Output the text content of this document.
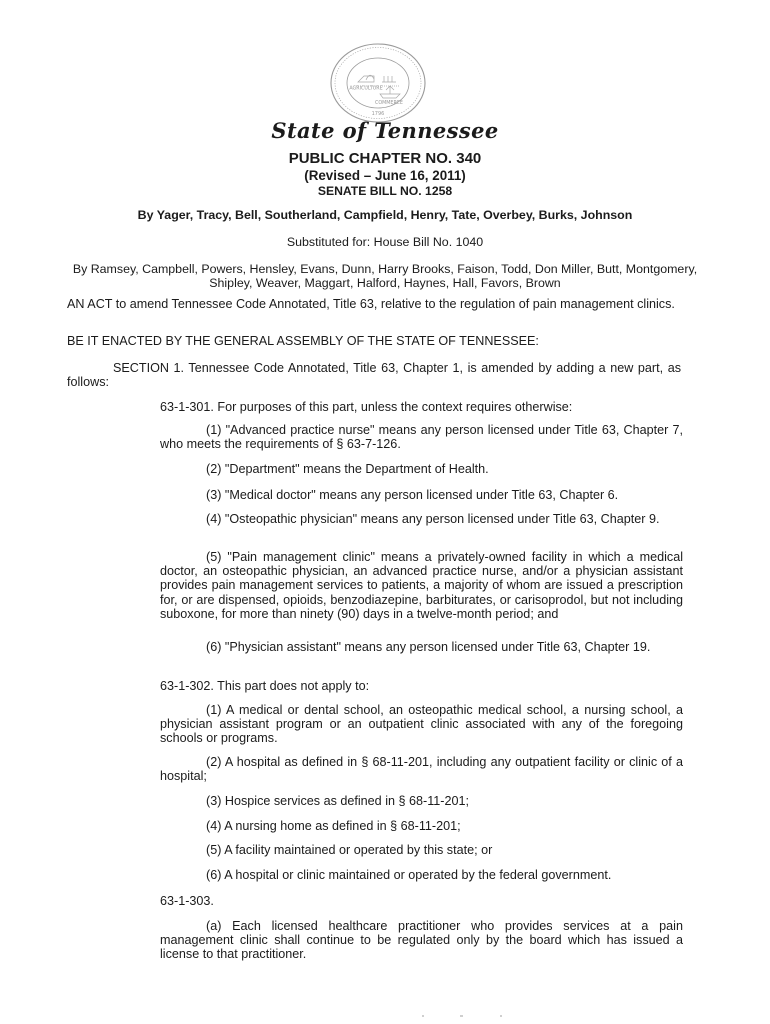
AGRICULTURE
COMMERCE
1796
State of Tennessee
PUBLIC CHAPTER NO. 340
(Revised – June 16, 2011)
SENATE BILL NO. 1258
By Yager, Tracy, Bell, Southerland, Campfield, Henry, Tate, Overbey, Burks, Johnson
Substituted for: House Bill No. 1040
By Ramsey, Campbell, Powers, Hensley, Evans, Dunn, Harry Brooks, Faison, Todd, Don Miller, Butt, Montgomery, Shipley, Weaver, Maggart, Halford, Haynes, Hall, Favors, Brown
AN ACT to amend Tennessee Code Annotated, Title 63, relative to the regulation of pain management clinics.
BE IT ENACTED BY THE GENERAL ASSEMBLY OF THE STATE OF TENNESSEE:
SECTION 1. Tennessee Code Annotated, Title 63, Chapter 1, is amended by adding a new part, as follows:
63-1-301. For purposes of this part, unless the context requires otherwise:
(1) "Advanced practice nurse" means any person licensed under Title 63, Chapter 7, who meets the requirements of § 63-7-126.
(2) "Department" means the Department of Health.
(3) "Medical doctor" means any person licensed under Title 63, Chapter 6.
(4) "Osteopathic physician" means any person licensed under Title 63, Chapter 9.
(5) "Pain management clinic" means a privately-owned facility in which a medical doctor, an osteopathic physician, an advanced practice nurse, and/or a physician assistant provides pain management services to patients, a majority of whom are issued a prescription for, or are dispensed, opioids, benzodiazepine, barbiturates, or carisoprodol, but not including suboxone, for more than ninety (90) days in a twelve-month period; and
(6) "Physician assistant" means any person licensed under Title 63, Chapter 19.
63-1-302. This part does not apply to:
(1) A medical or dental school, an osteopathic medical school, a nursing school, a physician assistant program or an outpatient clinic associated with any of the foregoing schools or programs.
(2) A hospital as defined in § 68-11-201, including any outpatient facility or clinic of a hospital;
(3) Hospice services as defined in § 68-11-201;
(4) A nursing home as defined in § 68-11-201;
(5) A facility maintained or operated by this state; or
(6) A hospital or clinic maintained or operated by the federal government.
63-1-303.
(a) Each licensed healthcare practitioner who provides services at a pain management clinic shall continue to be regulated only by the board which has issued a license to that practitioner.
